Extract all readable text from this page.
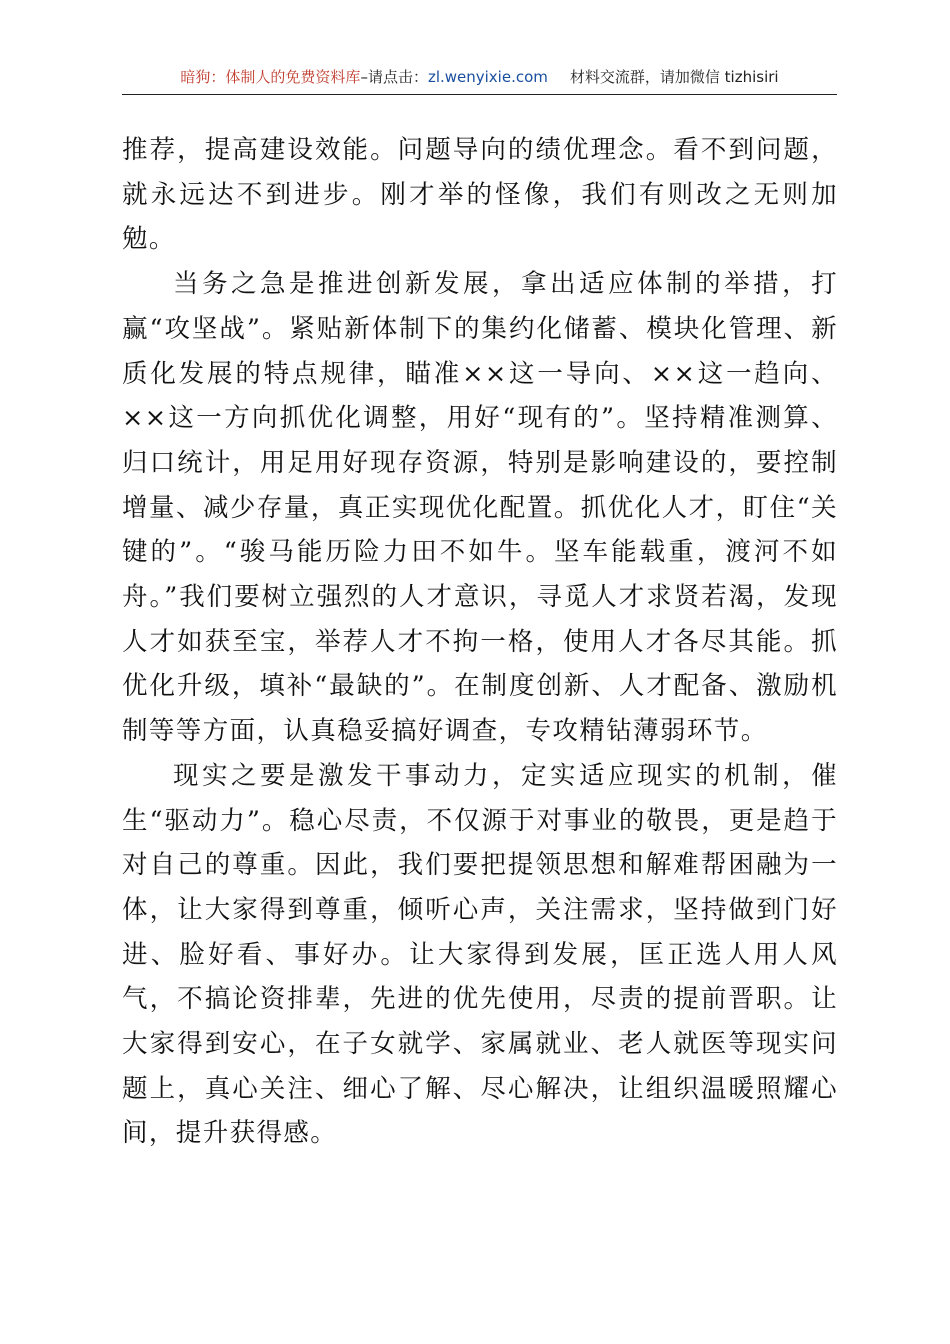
暗狗：体制人的免费资料库–请点击：zl.wenyixie.com 材料交流群，请加微信 tizhisiri

推荐，提高建设效能。问题导向的绩优理念。看不到问题，就永远达不到进步。刚才举的怪像，我们有则改之无则加勉。

当务之急是推进创新发展，拿出适应体制的举措，打赢“攻坚战”。紧贴新体制下的集约化储蓄、模块化管理、新质化发展的特点规律，瞄准××这一导向、××这一趋向、××这一方向抓优化调整，用好“现有的”。坚持精准测算、归口统计，用足用好现存资源，特别是影响建设的，要控制增量、减少存量，真正实现优化配置。抓优化人才，盯住“关键的”。“骏马能历险力田不如牛。坚车能载重，渡河不如舟。”我们要树立强烈的人才意识，寻觅人才求贤若渴，发现人才如获至宝，举荐人才不拘一格，使用人才各尽其能。抓优化升级，填补“最缺的”。在制度创新、人才配备、激励机制等等方面，认真稳妥搞好调查，专攻精钻薄弱环节。

现实之要是激发干事动力，定实适应现实的机制，催生“驱动力”。稳心尽责，不仅源于对事业的敬畏，更是趋于对自己的尊重。因此，我们要把提领思想和解难帮困融为一体，让大家得到尊重，倾听心声，关注需求，坚持做到门好进、脸好看、事好办。让大家得到发展，匡正选人用人风气，不搞论资排辈，先进的优先使用，尽责的提前晋职。让大家得到安心，在子女就学、家属就业、老人就医等现实问题上，真心关注、细心了解、尽心解决，让组织温暖照耀心间，提升获得感。
